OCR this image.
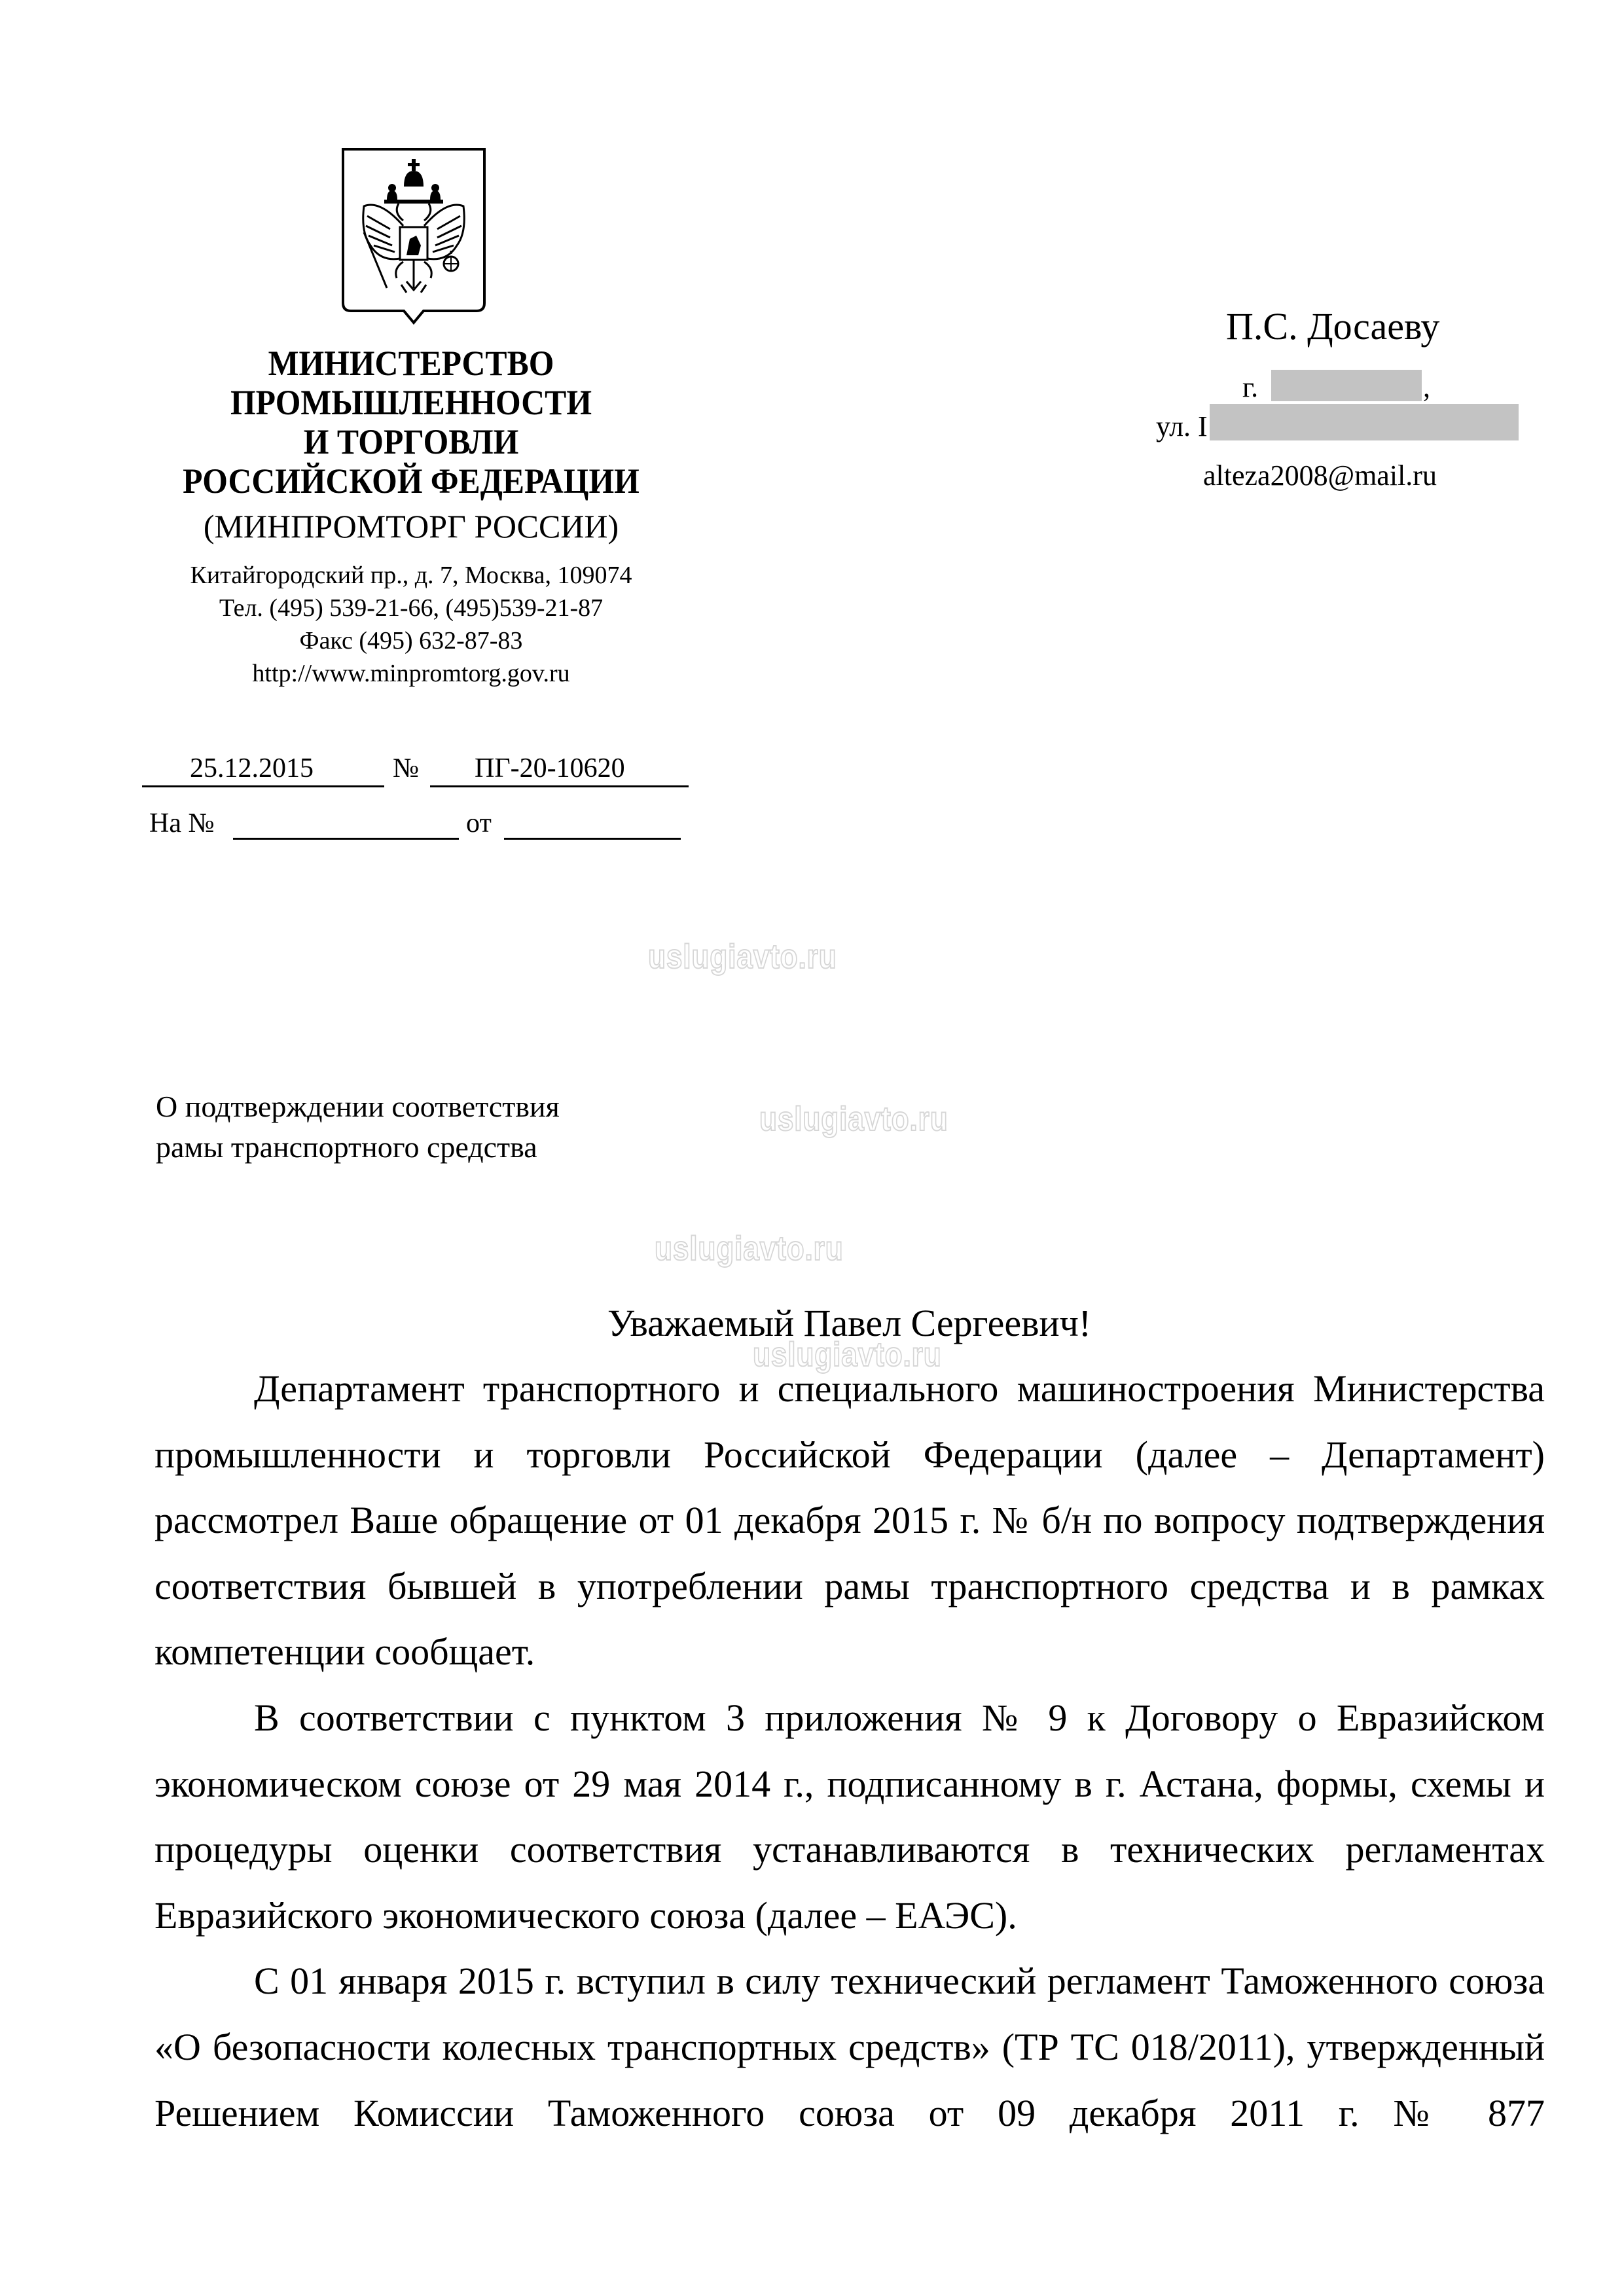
МИНИСТЕРСТВО
ПРОМЫШЛЕННОСТИ
И ТОРГОВЛИ
РОССИЙСКОЙ ФЕДЕРАЦИИ
(МИНПРОМТОРГ РОССИИ)
Китайгородский пр., д. 7, Москва, 109074
Тел. (495) 539-21-66, (495)539-21-87
Факс (495) 632-87-83
http://www.minpromtorg.gov.ru
25.12.2015	№ ПГ-20-10620
На №	от
П.С. Досаеву
г.	,
ул. І
alteza2008@mail.ru
uslugiavto.ru
uslugiavto.ru
uslugiavto.ru
uslugiavto.ru
О подтверждении соответствия
рамы транспортного средства
Уважаемый Павел Сергеевич!

Департамент транспортного и специального машиностроения Министерства промышленности и торговли Российской Федерации (далее – Департамент) рассмотрел Ваше обращение от 01 декабря 2015 г. № б/н по вопросу подтверждения соответствия бывшей в употреблении рамы транспортного средства и в рамках компетенции сообщает.

В соответствии с пунктом 3 приложения № 9 к Договору о Евразийском экономическом союзе от 29 мая 2014 г., подписанному в г. Астана, формы, схемы и процедуры оценки соответствия устанавливаются в технических регламентах Евразийского экономического союза (далее – ЕАЭС).

С 01 января 2015 г. вступил в силу технический регламент Таможенного союза «О безопасности колесных транспортных средств» (ТР ТС 018/2011), утвержденный Решением Комиссии Таможенного союза от 09 декабря 2011 г. № 877
